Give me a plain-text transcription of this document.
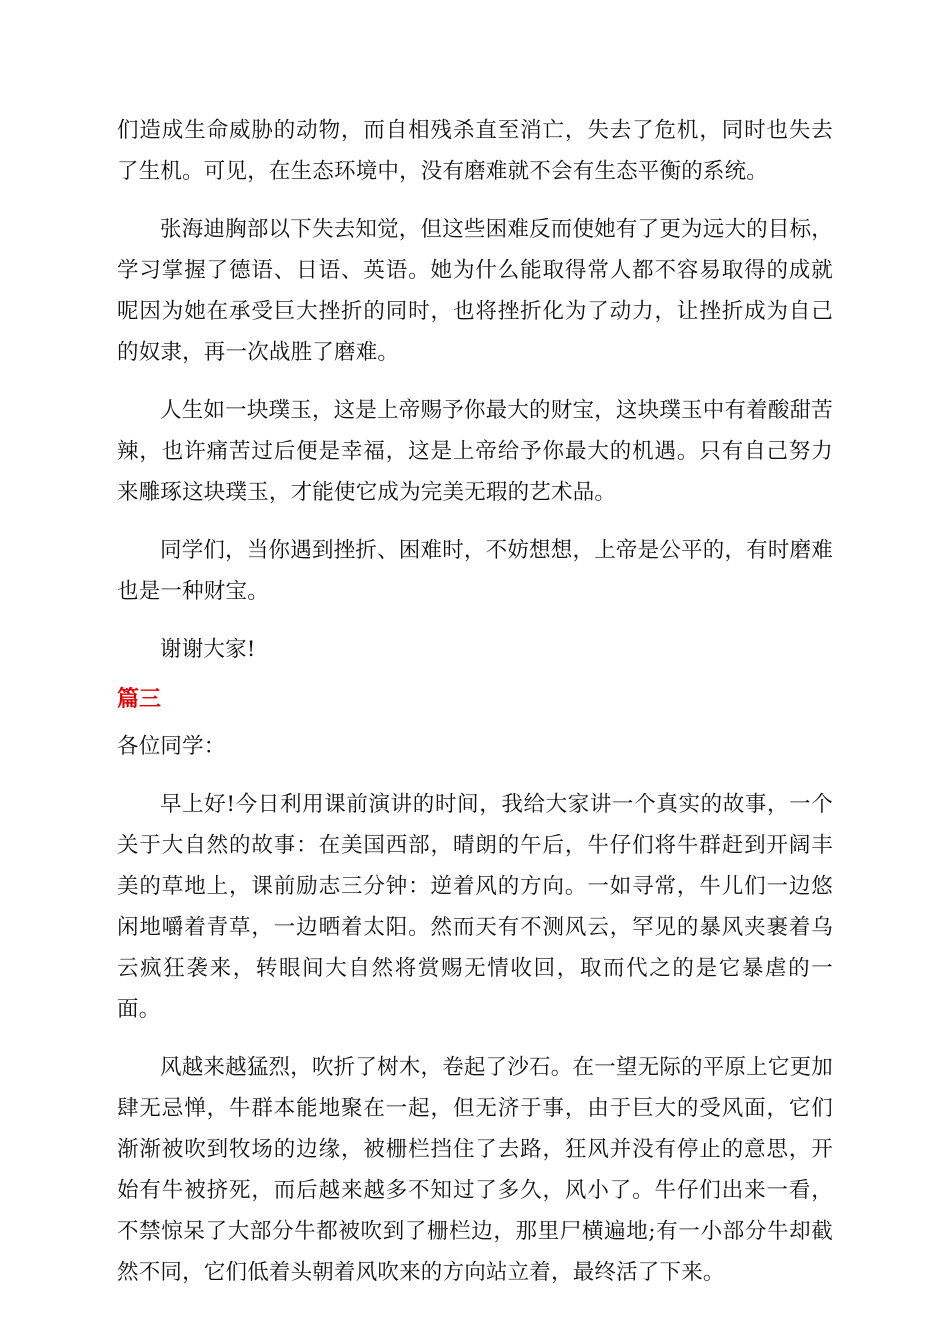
们造成生命威胁的动物，而自相残杀直至消亡，失去了危机，同时也失去了生机。可见，在生态环境中，没有磨难就不会有生态平衡的系统。

张海迪胸部以下失去知觉，但这些困难反而使她有了更为远大的目标，学习掌握了德语、日语、英语。她为什么能取得常人都不容易取得的成就呢因为她在承受巨大挫折的同时，也将挫折化为了动力，让挫折成为自己的奴隶，再一次战胜了磨难。

人生如一块璞玉，这是上帝赐予你最大的财宝，这块璞玉中有着酸甜苦辣，也许痛苦过后便是幸福，这是上帝给予你最大的机遇。只有自己努力来雕琢这块璞玉，才能使它成为完美无瑕的艺术品。

同学们，当你遇到挫折、困难时，不妨想想，上帝是公平的，有时磨难也是一种财宝。

谢谢大家!

篇三

各位同学：

早上好!今日利用课前演讲的时间，我给大家讲一个真实的故事，一个关于大自然的故事：在美国西部，晴朗的午后，牛仔们将牛群赶到开阔丰美的草地上，课前励志三分钟：逆着风的方向。一如寻常，牛儿们一边悠闲地嚼着青草，一边晒着太阳。然而天有不测风云，罕见的暴风夹裹着乌云疯狂袭来，转眼间大自然将赏赐无情收回，取而代之的是它暴虐的一面。

风越来越猛烈，吹折了树木，卷起了沙石。在一望无际的平原上它更加肆无忌惮，牛群本能地聚在一起，但无济于事，由于巨大的受风面，它们渐渐被吹到牧场的边缘，被栅栏挡住了去路，狂风并没有停止的意思，开始有牛被挤死，而后越来越多不知过了多久，风小了。牛仔们出来一看，不禁惊呆了大部分牛都被吹到了栅栏边，那里尸横遍地;有一小部分牛却截然不同，它们低着头朝着风吹来的方向站立着，最终活了下来。
